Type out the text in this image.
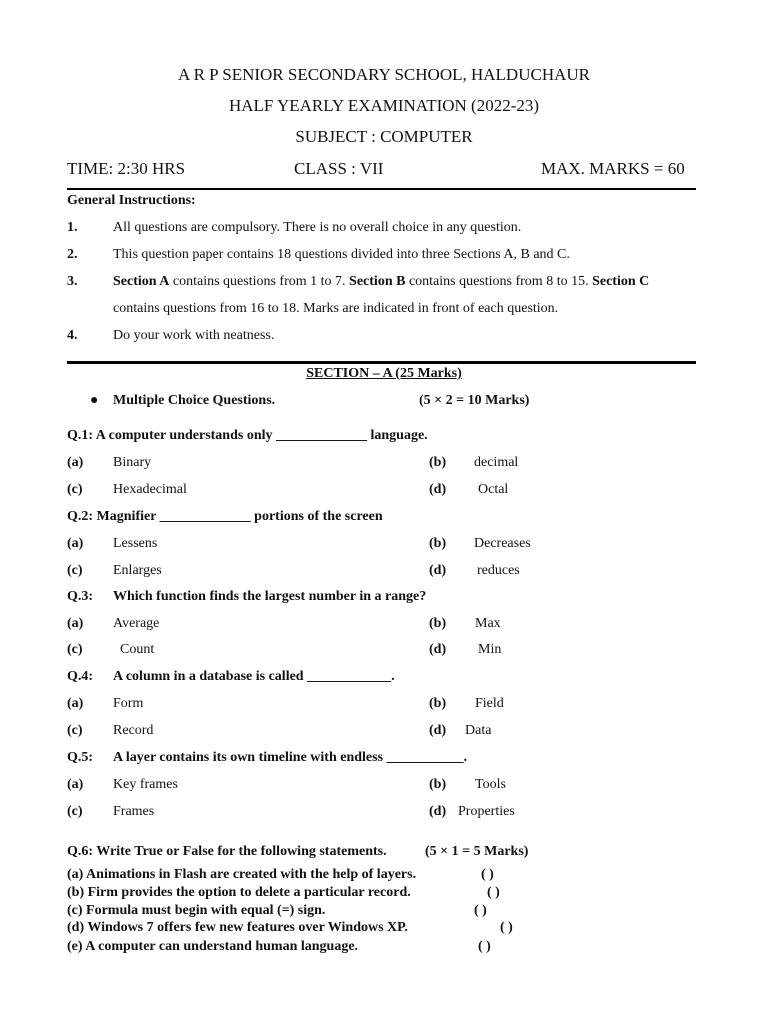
A R P SENIOR SECONDARY SCHOOL, HALDUCHAUR
HALF YEARLY EXAMINATION (2022-23)
SUBJECT : COMPUTER
TIME: 2:30 HRS	CLASS : VII	MAX. MARKS = 60
General Instructions:
1.	All questions are compulsory. There is no overall choice in any question.
2.	This question paper contains 18 questions divided into three Sections A, B and C.
3.	Section A contains questions from 1 to 7. Section B contains questions from 8 to 15. Section C
contains questions from 16 to 18. Marks are indicated in front of each question.
4.	Do your work with neatness.
SECTION – A (25 Marks)
● Multiple Choice Questions.	(5 × 2 = 10 Marks)
Q.1: A computer understands only _____________ language.
(a) Binary	(b) decimal
(c) Hexadecimal	(d) Octal
Q.2: Magnifier _____________ portions of the screen
(a) Lessens	(b) Decreases
(c) Enlarges	(d) reduces
Q.3: Which function finds the largest number in a range?
(a) Average	(b) Max
(c)	Count	(d) Min
Q.4: A column in a database is called ____________.
(a) Form	(b) Field
(c) Record	(d) Data
Q.5: A layer contains its own timeline with endless ___________.
(a) Key frames	(b) Tools
(c) Frames	(d) Properties
Q.6: Write True or False for the following statements.	(5 × 1 = 5 Marks)
(a) Animations in Flash are created with the help of layers.	( )
(b) Firm provides the option to delete a particular record.	( )
(c) Formula must begin with equal (=) sign.	( )
(d) Windows 7 offers few new features over Windows XP.	( )
(e) A computer can understand human language.	( )
